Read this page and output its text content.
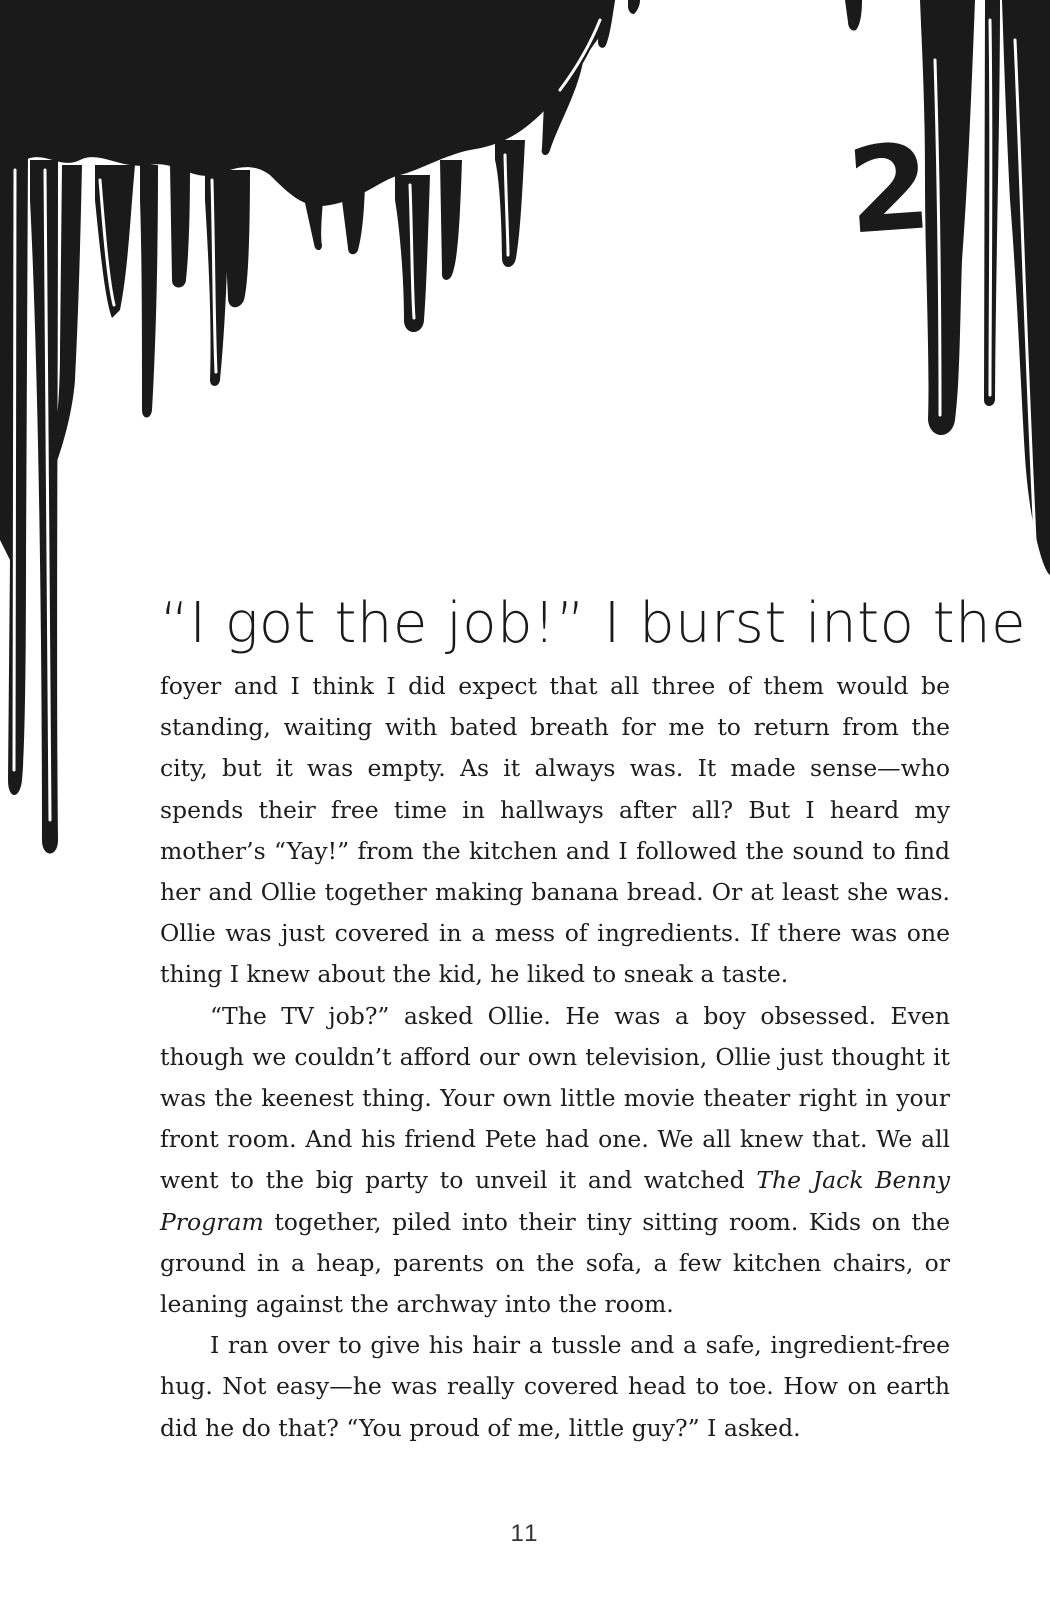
2
“I got the job!” I burst into the

foyer and I think I did expect that all three of them would be standing, waiting with bated breath for me to return from the city, but it was empty. As it always was. It made sense—who spends their free time in hallways after all? But I heard my mother’s “Yay!” from the kitchen and I followed the sound to find her and Ollie together making banana bread. Or at least she was. Ollie was just covered in a mess of ingredients. If there was one thing I knew about the kid, he liked to sneak a taste.

“The TV job?” asked Ollie. He was a boy obsessed. Even though we couldn’t afford our own television, Ollie just thought it was the keenest thing. Your own little movie theater right in your front room. And his friend Pete had one. We all knew that. We all went to the big party to unveil it and watched The Jack Benny Program together, piled into their tiny sitting room. Kids on the ground in a heap, parents on the sofa, a few kitchen chairs, or leaning against the archway into the room.

I ran over to give his hair a tussle and a safe, ingredient-free hug. Not easy—he was really covered head to toe. How on earth did he do that? “You proud of me, little guy?” I asked.

11
